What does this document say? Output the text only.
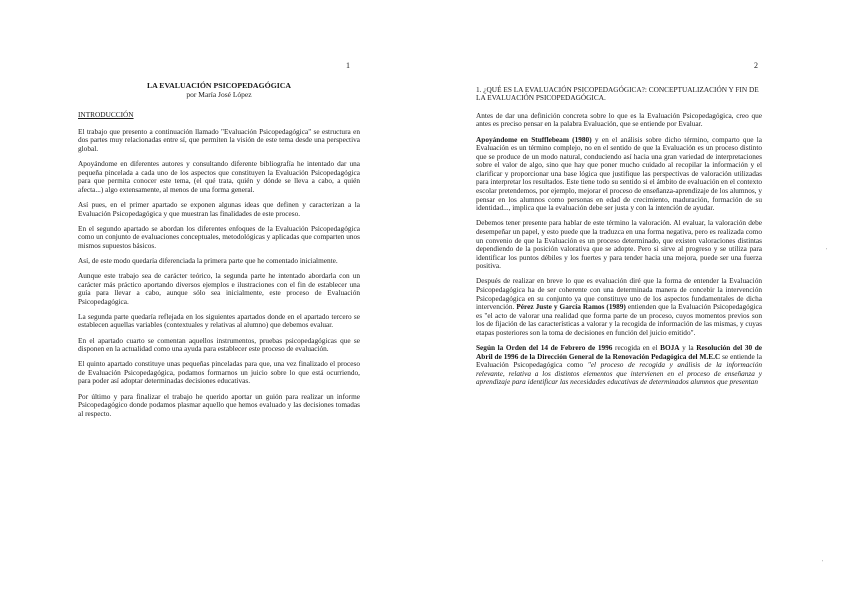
1
LA EVALUACIÓN PSICOPEDAGÓGICA
por María José López
INTRODUCCIÓN

El trabajo que presento a continuación llamado "Evaluación Psicopedagógica" se estructura en dos partes muy relacionadas entre sí, que permiten la visión de este tema desde una perspectiva global.

Apoyándome en diferentes autores y consultando diferente bibliografía he intentado dar una pequeña pincelada a cada uno de los aspectos que constituyen la Evaluación Psicopedagógica para que permita conocer este tema, (el qué trata, quién y dónde se lleva a cabo, a quién afecta...) algo extensamente, al menos de una forma general.

Así pues, en el primer apartado se exponen algunas ideas que definen y caracterizan a la Evaluación Psicopedagógica y que muestran las finalidades de este proceso.

En el segundo apartado se abordan los diferentes enfoques de la Evaluación Psicopedagógica como un conjunto de evaluaciones conceptuales, metodológicas y aplicadas que comparten unos mismos supuestos básicos.

Así, de este modo quedaría diferenciada la primera parte que he comentado inicialmente.

Aunque este trabajo sea de carácter teórico, la segunda parte he intentado abordarla con un carácter más práctico aportando diversos ejemplos e ilustraciones con el fin de establecer una guía para llevar a cabo, aunque sólo sea inicialmente, este proceso de Evaluación Psicopedagógica.

La segunda parte quedaría reflejada en los siguientes apartados donde en el apartado tercero se establecen aquellas variables (contextuales y relativas al alumno) que debemos evaluar.

En el apartado cuarto se comentan aquellos instrumentos, pruebas psicopedagógicas que se disponen en la actualidad como una ayuda para establecer este proceso de evaluación.

El quinto apartado constituye unas pequeñas pinceladas para que, una vez finalizado el proceso de Evaluación Psicopedagógica, podamos formarnos un juicio sobre lo que está ocurriendo, para poder así adoptar determinadas decisiones educativas.

Por último y para finalizar el trabajo he querido aportar un guión para realizar un informe Psicopedagógico donde podamos plasmar aquello que hemos evaluado y las decisiones tomadas al respecto.

2
1. ¿QUÉ ES LA EVALUACIÓN PSICOPEDAGÓGICA?: CONCEPTUALIZACIÓN Y FIN DE LA EVALUACIÓN PSICOPEDAGÓGICA.

Antes de dar una definición concreta sobre lo que es la Evaluación Psicopedagógica, creo que antes es preciso pensar en la palabra Evaluación, que se entiende por Evaluar.

Apoyándome en Stufflebeam (1980) y en el análisis sobre dicho término, comparto que la Evaluación es un término complejo, no en el sentido de que la Evaluación es un proceso distinto que se produce de un modo natural, conduciendo así hacia una gran variedad de interpretaciones sobre el valor de algo, sino que hay que poner mucho cuidado al recopilar la información y el clarificar y proporcionar una base lógica que justifique las perspectivas de valoración utilizadas para interpretar los resultados. Este tiene todo su sentido si el ámbito de evaluación en el contexto escolar pretendemos, por ejemplo, mejorar el proceso de enseñanza-aprendizaje de los alumnos, y pensar en los alumnos como personas en edad de crecimiento, maduración, formación de su identidad..., implica que la evaluación debe ser justa y con la intención de ayudar.

Debemos tener presente para hablar de este término la valoración. Al evaluar, la valoración debe desempeñar un papel, y esto puede que la traduzca en una forma negativa, pero es realizada como un convenio de que la Evaluación es un proceso determinado, que existen valoraciones distintas dependiendo de la posición valorativa que se adopte. Pero si sirve al progreso y se utiliza para identificar los puntos débiles y los fuertes y para tender hacia una mejora, puede ser una fuerza positiva.

Después de realizar en breve lo que es evaluación diré que la forma de entender la Evaluación Psicopedagógica ha de ser coherente con una determinada manera de concebir la intervención Psicopedagógica en su conjunto ya que constituye uno de los aspectos fundamentales de dicha intervención. Pérez Juste y García Ramos (1989) entienden que la Evaluación Psicopedagógica es "el acto de valorar una realidad que forma parte de un proceso, cuyos momentos previos son los de fijación de las características a valorar y la recogida de información de las mismas, y cuyas etapas posteriores son la toma de decisiones en función del juicio emitido".

Según la Orden del 14 de Febrero de 1996 recogida en el BOJA y la Resolución del 30 de Abril de 1996 de la Dirección General de la Renovación Pedagógica del M.E.C se entiende la Evaluación Psicopedagógica como "el proceso de recogida y análisis de la información relevante, relativa a los distintos elementos que intervienen en el proceso de enseñanza y aprendizaje para identificar las necesidades educativas de determinados alumnos que presentan

'
'
